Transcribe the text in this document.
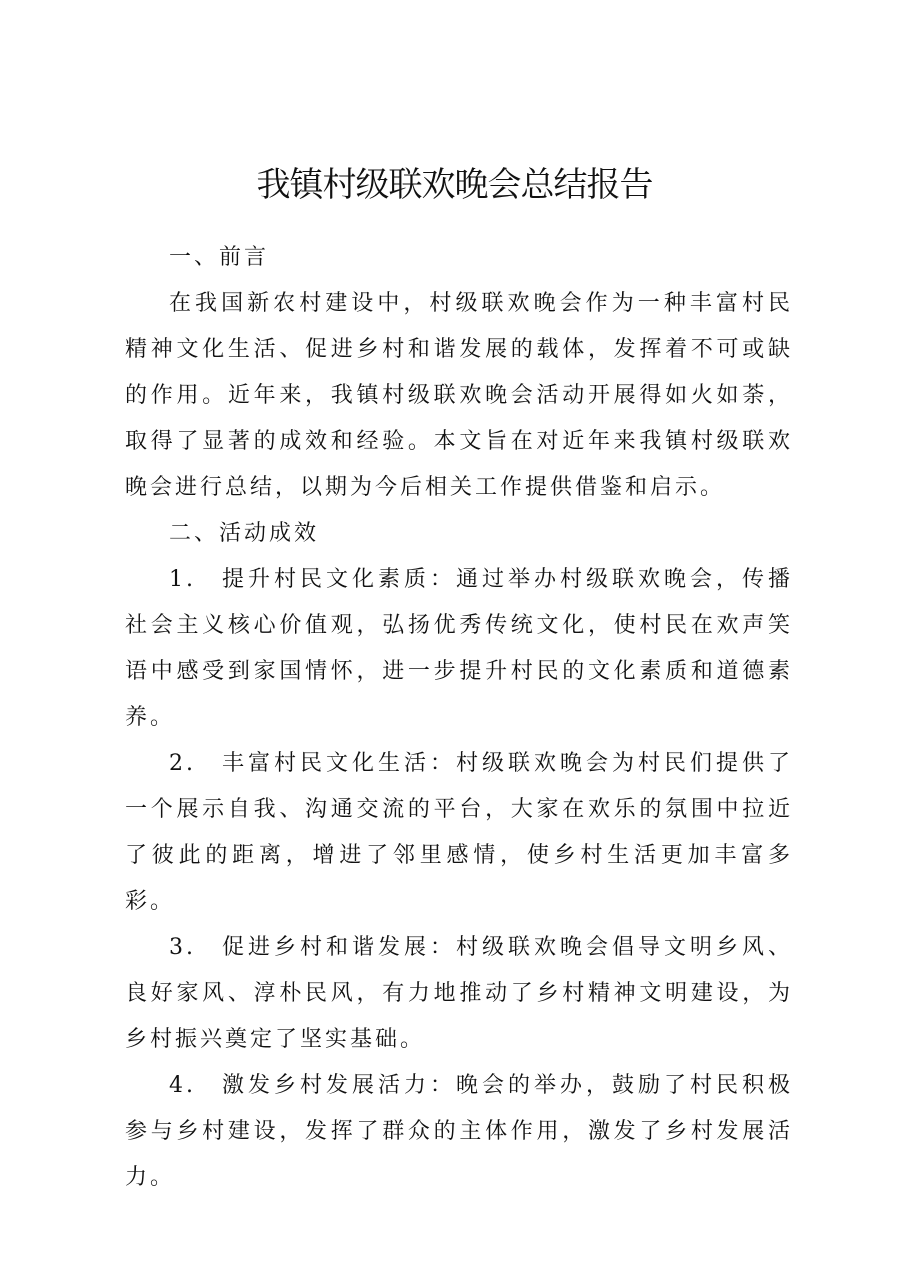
我镇村级联欢晚会总结报告

一、前言

在我国新农村建设中，村级联欢晚会作为一种丰富村民精神文化生活、促进乡村和谐发展的载体，发挥着不可或缺的作用。近年来，我镇村级联欢晚会活动开展得如火如荼，取得了显著的成效和经验。本文旨在对近年来我镇村级联欢晚会进行总结，以期为今后相关工作提供借鉴和启示。

二、活动成效

1. 提升村民文化素质：通过举办村级联欢晚会，传播社会主义核心价值观，弘扬优秀传统文化，使村民在欢声笑语中感受到家国情怀，进一步提升村民的文化素质和道德素养。

2. 丰富村民文化生活：村级联欢晚会为村民们提供了一个展示自我、沟通交流的平台，大家在欢乐的氛围中拉近了彼此的距离，增进了邻里感情，使乡村生活更加丰富多彩。

3. 促进乡村和谐发展：村级联欢晚会倡导文明乡风、良好家风、淳朴民风，有力地推动了乡村精神文明建设，为乡村振兴奠定了坚实基础。

4. 激发乡村发展活力：晚会的举办，鼓励了村民积极参与乡村建设，发挥了群众的主体作用，激发了乡村发展活力。
